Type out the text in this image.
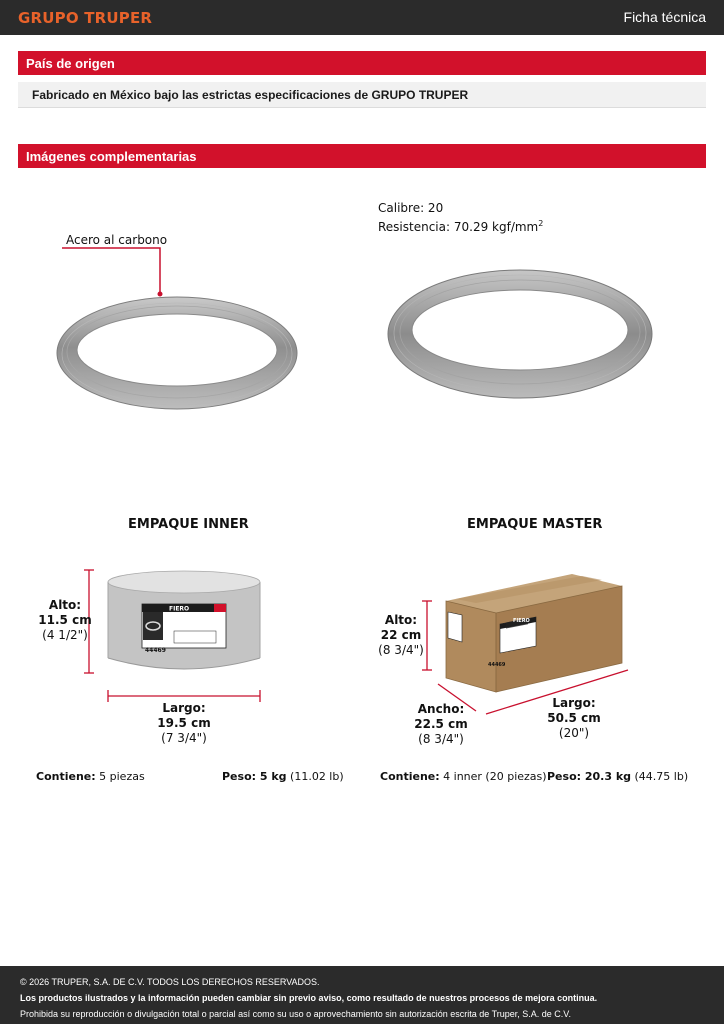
GRUPO TRUPER	Ficha técnica
País de origen
Fabricado en México bajo las estrictas especificaciones de GRUPO TRUPER
Imágenes complementarias
Acero al carbono
Calibre: 20
Resistencia: 70.29 kgf/$mm^2$
EMPAQUE INNER
44469
FIERO
Alto:
11.5 cm
(4 1/2")
Largo:
19.5 cm
(7 3/4")
EMPAQUE MASTER
FIERO
44469
Alto:
22 cm
(8 3/4")
Ancho:
22.5 cm
(8 3/4")
Largo:
50.5 cm
(20")
Contiene: 5 piezas	Peso: 5 kg (11.02 lb)	Contiene: 4 inner (20 piezas) Peso: 20.3 kg (44.75 lb)
© 2026 TRUPER, S.A. DE C.V. TODOS LOS DERECHOS RESERVADOS.
Los productos ilustrados y la información pueden cambiar sin previo aviso, como resultado de nuestros procesos de mejora continua.
Prohibida su reproducción o divulgación total o parcial así como su uso o aprovechamiento sin autorización escrita de Truper, S.A. de C.V.
